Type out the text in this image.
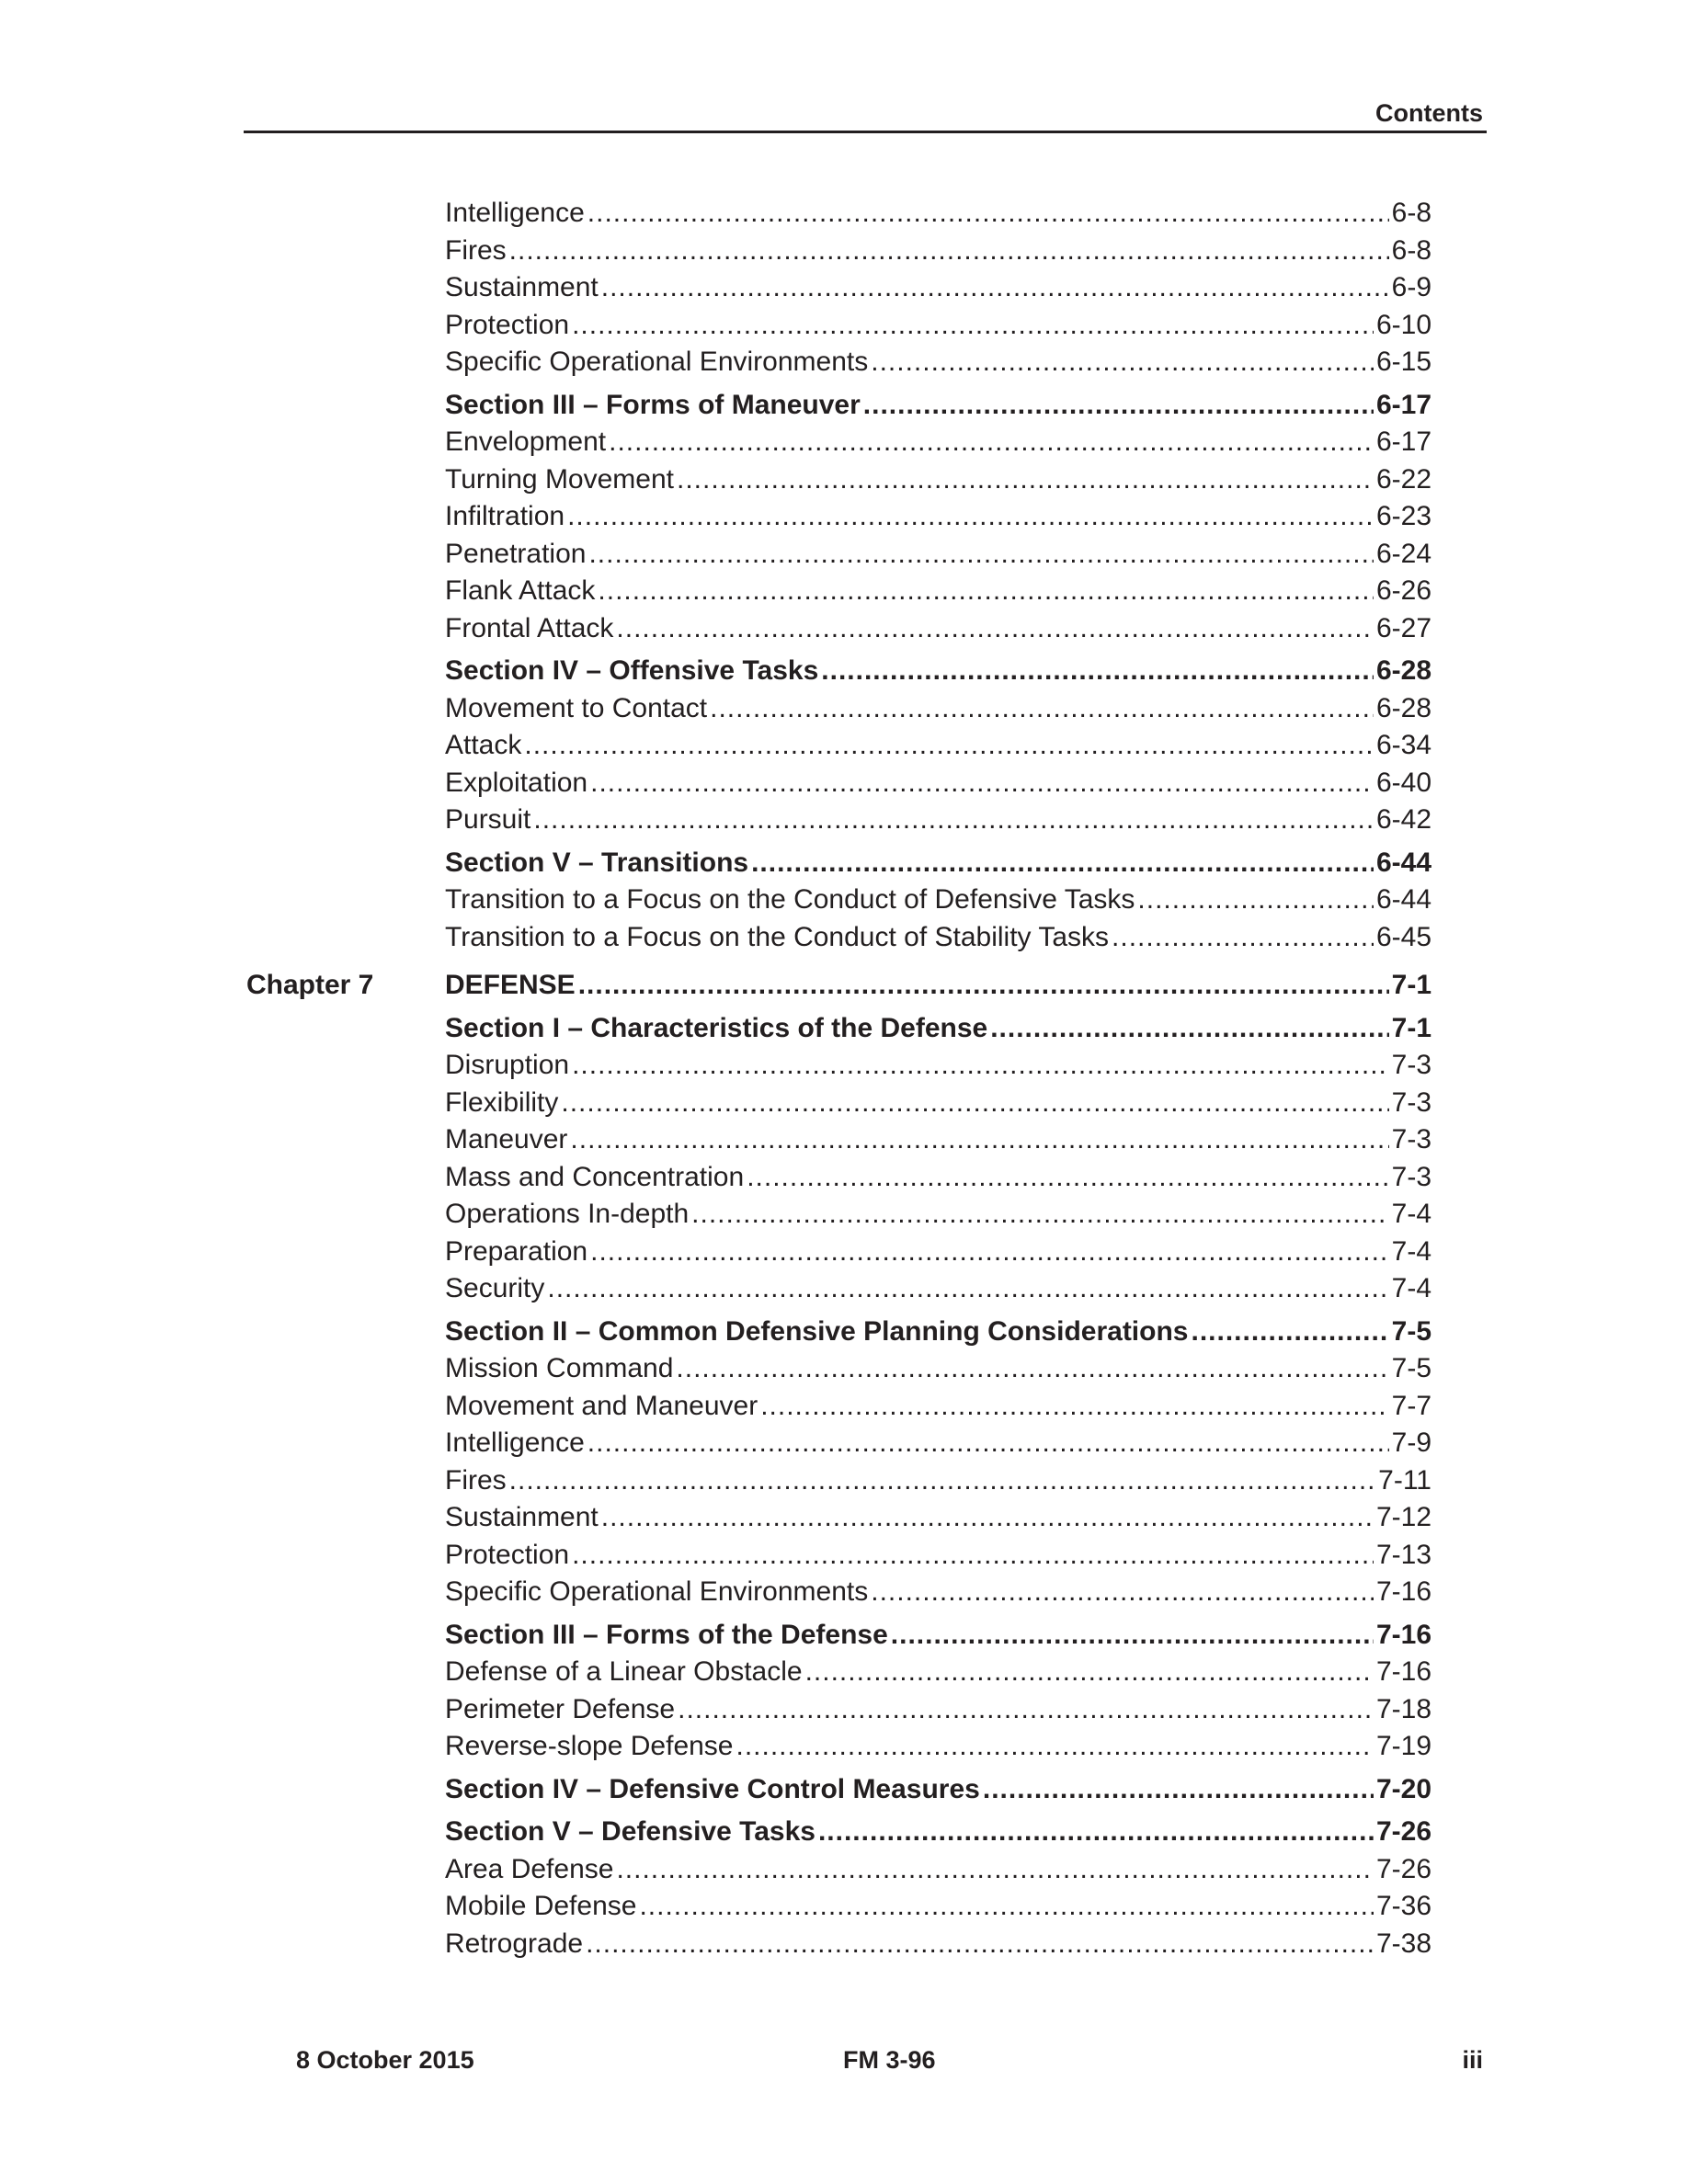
Contents
Intelligence .....	6-8
Fires .....	6-8
Sustainment .....	6-9
Protection .....	6-10
Specific Operational Environments .....	6-15
Section III – Forms of Maneuver .....	6-17
Envelopment .....	6-17
Turning Movement .....	6-22
Infiltration .....	6-23
Penetration .....	6-24
Flank Attack .....	6-26
Frontal Attack .....	6-27
Section IV – Offensive Tasks .....	6-28
Movement to Contact .....	6-28
Attack .....	6-34
Exploitation .....	6-40
Pursuit .....	6-42
Section V – Transitions .....	6-44
Transition to a Focus on the Conduct of Defensive Tasks .....	6-44
Transition to a Focus on the Conduct of Stability Tasks .....	6-45
Chapter 7	DEFENSE .....	7-1
Section I – Characteristics of the Defense .....	7-1
Disruption .....	7-3
Flexibility .....	7-3
Maneuver .....	7-3
Mass and Concentration .....	7-3
Operations In-depth .....	7-4
Preparation .....	7-4
Security .....	7-4
Section II – Common Defensive Planning Considerations .....	7-5
Mission Command .....	7-5
Movement and Maneuver .....	7-7
Intelligence .....	7-9
Fires .....	7-11
Sustainment .....	7-12
Protection .....	7-13
Specific Operational Environments .....	7-16
Section III – Forms of the Defense .....	7-16
Defense of a Linear Obstacle .....	7-16
Perimeter Defense .....	7-18
Reverse-slope Defense .....	7-19
Section IV – Defensive Control Measures .....	7-20
Section V – Defensive Tasks .....	7-26
Area Defense .....	7-26
Mobile Defense .....	7-36
Retrograde .....	7-38
8 October 2015	FM 3-96	iii
